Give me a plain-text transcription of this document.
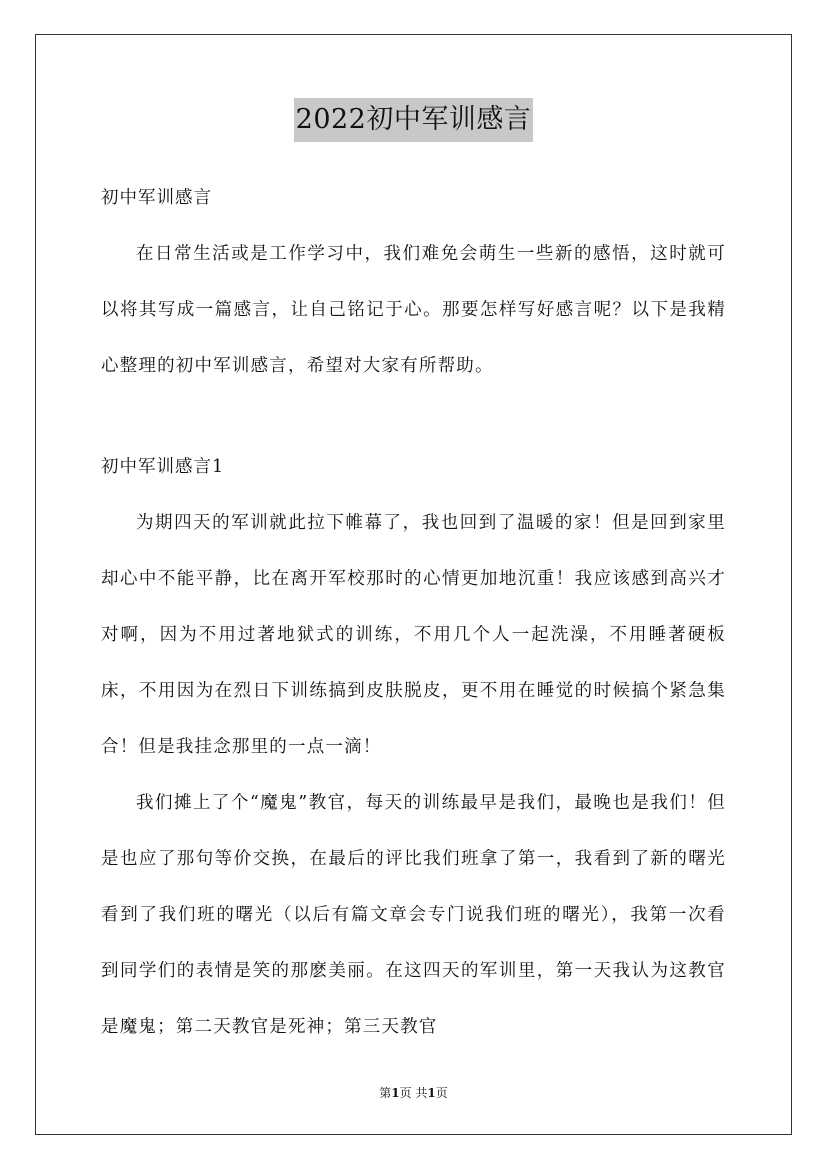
2022初中军训感言

初中军训感言

在日常生活或是工作学习中，我们难免会萌生一些新的感悟，这时就可以将其写成一篇感言，让自己铭记于心。那要怎样写好感言呢？以下是我精心整理的初中军训感言，希望对大家有所帮助。

初中军训感言1

为期四天的军训就此拉下帷幕了，我也回到了温暖的家！但是回到家里却心中不能平静，比在离开军校那时的心情更加地沉重！我应该感到高兴才对啊，因为不用过著地狱式的训练，不用几个人一起洗澡，不用睡著硬板床，不用因为在烈日下训练搞到皮肤脱皮，更不用在睡觉的时候搞个紧急集合！但是我挂念那里的一点一滴！

我们摊上了个“魔鬼”教官，每天的训练最早是我们，最晚也是我们！但是也应了那句等价交换，在最后的评比我们班拿了第一，我看到了新的曙光看到了我们班的曙光（以后有篇文章会专门说我们班的曙光），我第一次看到同学们的表情是笑的那麽美丽。在这四天的军训里，第一天我认为这教官是魔鬼；第二天教官是死神；第三天教官

第1页 共1页
